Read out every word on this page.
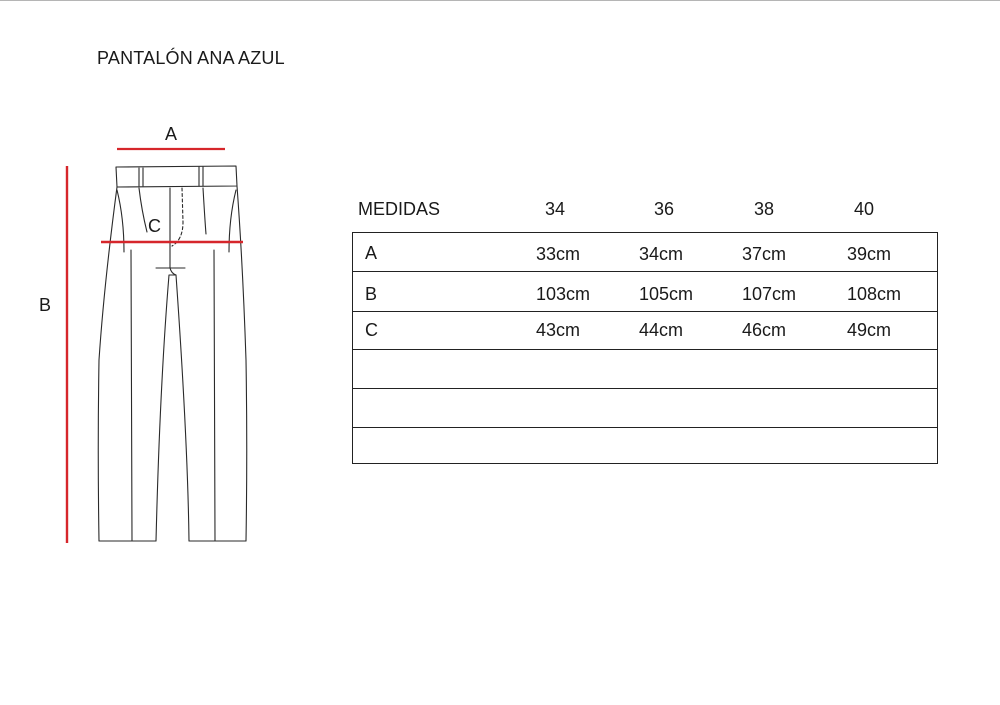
PANTALÓN ANA AZUL
A
B
C
MEDIDAS	34	36	38	40
A	33cm	34cm	37cm	39cm
B	103cm	105cm	107cm	108cm
C	43cm	44cm	46cm	49cm
